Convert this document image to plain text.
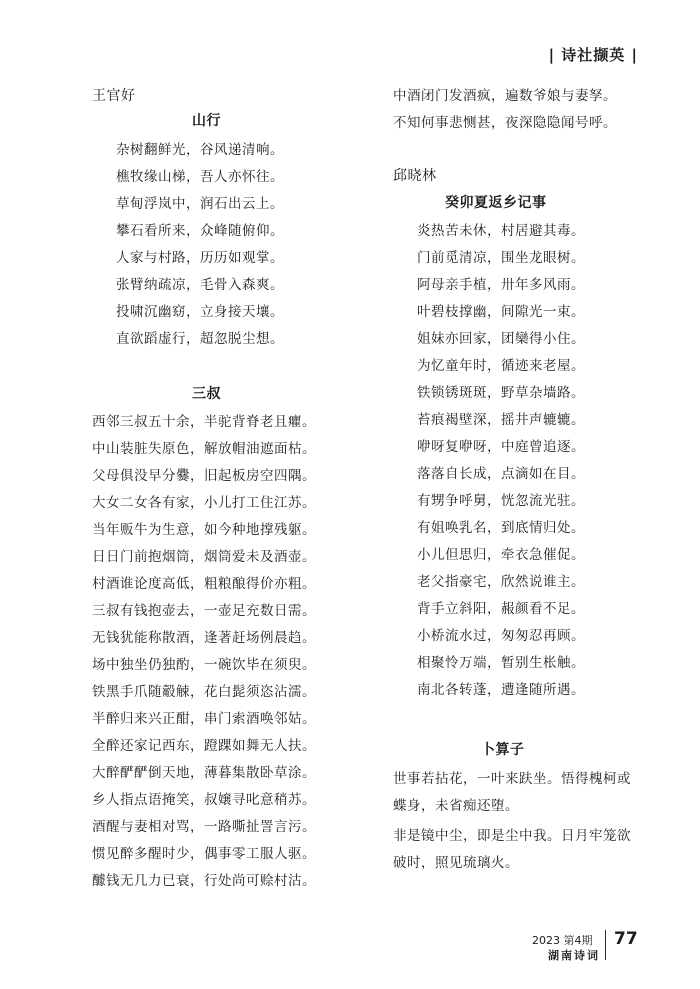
| 诗社撷英 |
王官好
山行
杂树翻鲜光，谷风递清响。
樵牧缘山梯，吾人亦怀往。
草甸浮岚中，润石出云上。
攀石看所来，众峰随俯仰。
人家与村路，历历如观掌。
张臂纳疏凉，毛骨入森爽。
投啸沉幽窈，立身接天壤。
直欲蹈虚行，超忽脱尘想。
三叔
西邻三叔五十余，半驼背脊老且癯。
中山装脏失原色，解放帽油遮面枯。
父母俱没早分爨，旧起板房空四隅。
大女二女各有家，小儿打工住江苏。
当年贩牛为生意，如今种地撑残躯。
日日门前抱烟筒，烟筒爱未及酒壶。
村酒谁论度高低，粗粮酿得价亦粗。
三叔有钱抱壶去，一壶足充数日需。
无钱犹能称散酒，逢著赶场例晨趋。
场中独坐仍独酌，一碗饮毕在须臾。
铁黑手爪随觳觫，花白髭须恣沾濡。
半醉归来兴正酣，串门索酒唤邻姑。
全醉还家记西东，蹬踝如舞无人扶。
大醉酽酽倒天地，薄暮集散卧草涂。
乡人指点语掩笑，叔嬢寻叱意稍苏。
酒醒与妻相对骂，一路嘶扯詈言污。
惯见醉多醒时少，偶事零工服人驱。
醵钱无几力已衰，行处尚可赊村沽。
中酒闭门发酒疯，遍数爷娘与妻孥。
不知何事悲恻甚，夜深隐隐闻号呼。
邱晓林
癸卯夏返乡记事
炎热苦未休，村居避其毒。
门前觅清凉，围坐龙眼树。
阿母亲手植，卅年多风雨。
叶碧枝撑幽，间隙光一束。
姐妹亦回家，团欒得小住。
为忆童年时，循迹来老屋。
铁锁锈斑斑，野草杂墙路。
苔痕褐壁深，摇井声辘辘。
咿呀复咿呀，中庭曾追逐。
落落自长成，点滴如在目。
有甥争呼舅，恍忽流光驻。
有姐唤乳名，到底情归处。
小儿但思归，牵衣急催促。
老父指豪宅，欣然说谁主。
背手立斜阳，赧颜看不足。
小桥流水过，匆匆忍再顾。
相聚怜万端，暂别生枨触。
南北各转蓬，遭逢随所遇。
卜算子
世事若拈花，一叶来趺坐。悟得槐柯或
蝶身，未省痴还堕。
非是镜中尘，即是尘中我。日月牢笼欲
破时，照见琉璃火。
2023 第4期
湖南诗词
77
